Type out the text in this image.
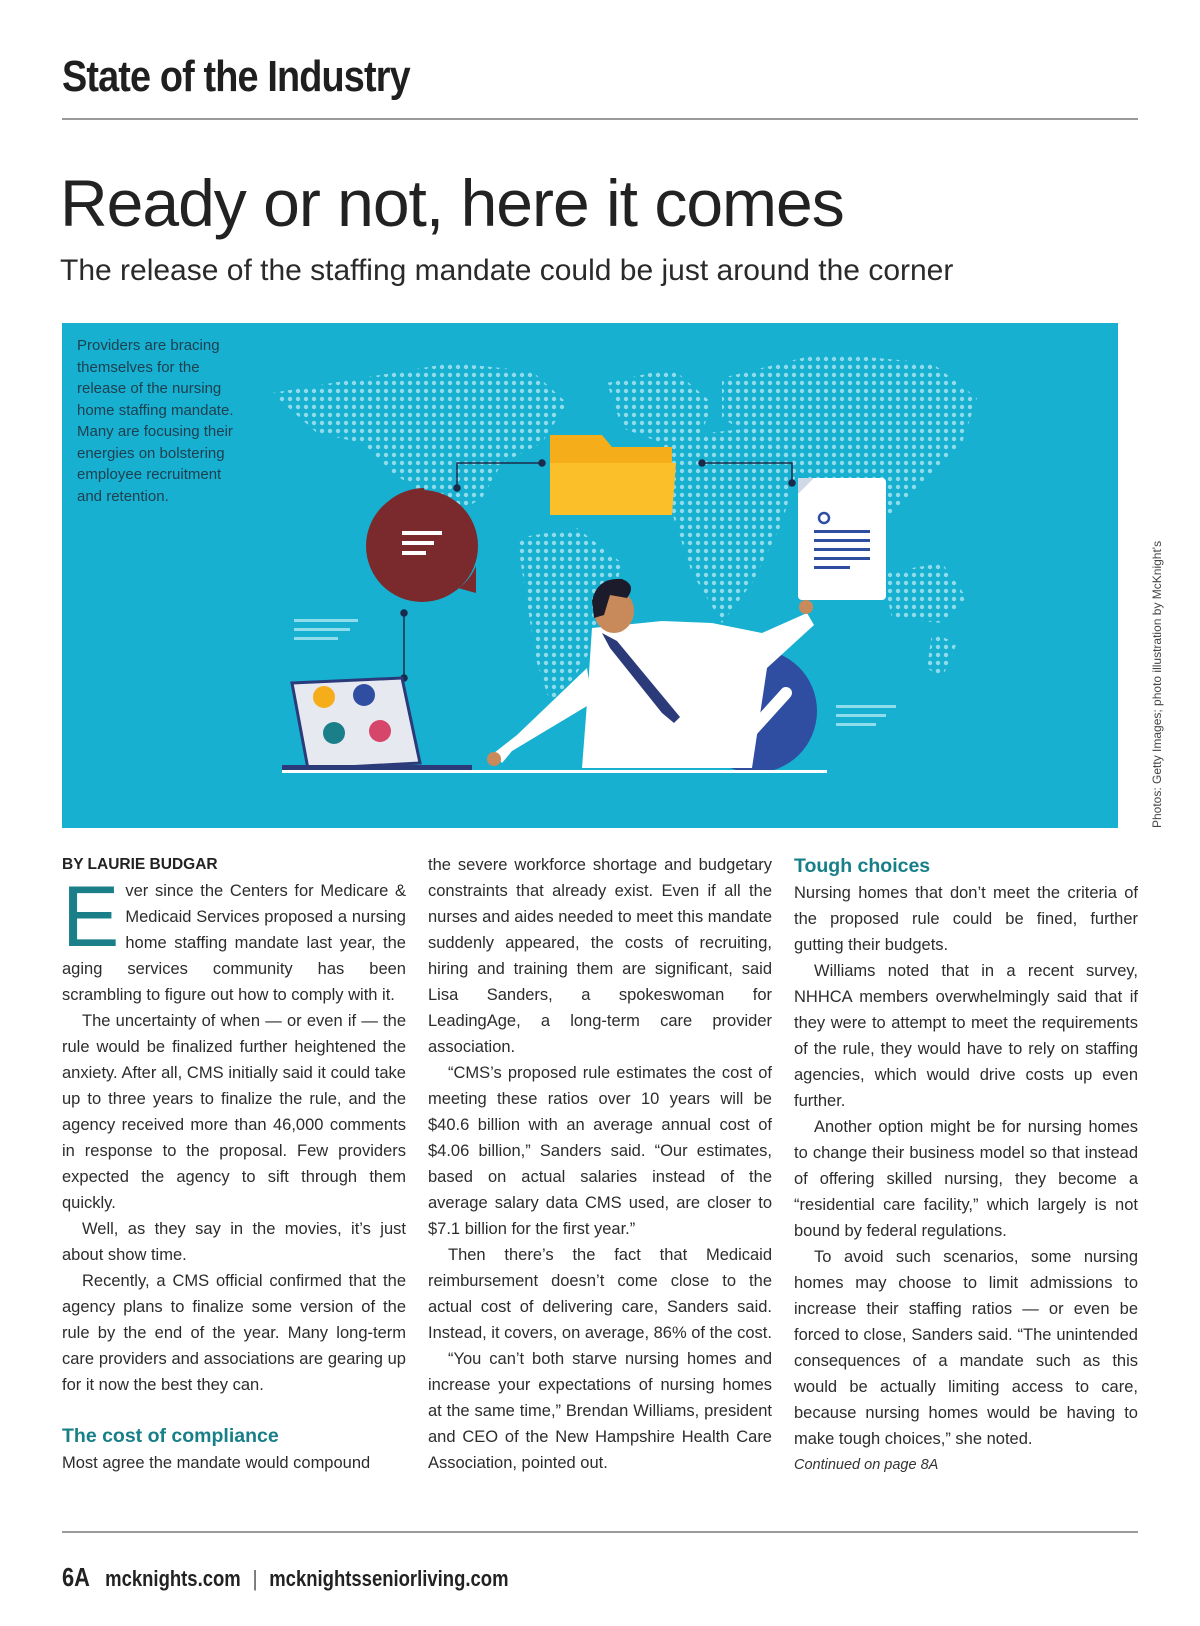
State of the Industry
Ready or not, here it comes

The release of the staffing mandate could be just around the corner

Providers are bracing themselves for the release of the nursing home staffing mandate. Many are focusing their energies on bolstering employee recruitment and retention.

Photos: Getty Images; photo illustration by McKnight's

BY LAURIE BUDGAR

Ever since the Centers for Medicare & Medicaid Services proposed a nursing home staffing mandate last year, the aging services community has been scrambling to figure out how to comply with it.

The uncertainty of when — or even if — the rule would be finalized further heightened the anxiety. After all, CMS initially said it could take up to three years to finalize the rule, and the agency received more than 46,000 comments in response to the proposal. Few providers expected the agency to sift through them quickly.

Well, as they say in the movies, it’s just about show time.

Recently, a CMS official confirmed that the agency plans to finalize some version of the rule by the end of the year. Many long-term care providers and associations are gearing up for it now the best they can.

The cost of compliance

Most agree the mandate would compound

the severe workforce shortage and budgetary constraints that already exist. Even if all the nurses and aides needed to meet this mandate suddenly appeared, the costs of recruiting, hiring and training them are significant, said Lisa Sanders, a spokeswoman for LeadingAge, a long-term care provider association.

“CMS’s proposed rule estimates the cost of meeting these ratios over 10 years will be $40.6 billion with an average annual cost of $4.06 billion,” Sanders said. “Our estimates, based on actual salaries instead of the average salary data CMS used, are closer to $7.1 billion for the first year.”

Then there’s the fact that Medicaid reimbursement doesn’t come close to the actual cost of delivering care, Sanders said. Instead, it covers, on average, 86% of the cost.

“You can’t both starve nursing homes and increase your expectations of nursing homes at the same time,” Brendan Williams, president and CEO of the New Hampshire Health Care Association, pointed out.

Tough choices

Nursing homes that don’t meet the criteria of the proposed rule could be fined, further gutting their budgets.

Williams noted that in a recent survey, NHHCA members overwhelmingly said that if they were to attempt to meet the requirements of the rule, they would have to rely on staffing agencies, which would drive costs up even further.

Another option might be for nursing homes to change their business model so that instead of offering skilled nursing, they become a “residential care facility,” which largely is not bound by federal regulations.

To avoid such scenarios, some nursing homes may choose to limit admissions to increase their staffing ratios — or even be forced to close, Sanders said. “The unintended consequences of a mandate such as this would be actually limiting access to care, because nursing homes would be having to make tough choices,” she noted.

Continued on page 8A

6A mcknights.com | mcknightsseniorliving.com
